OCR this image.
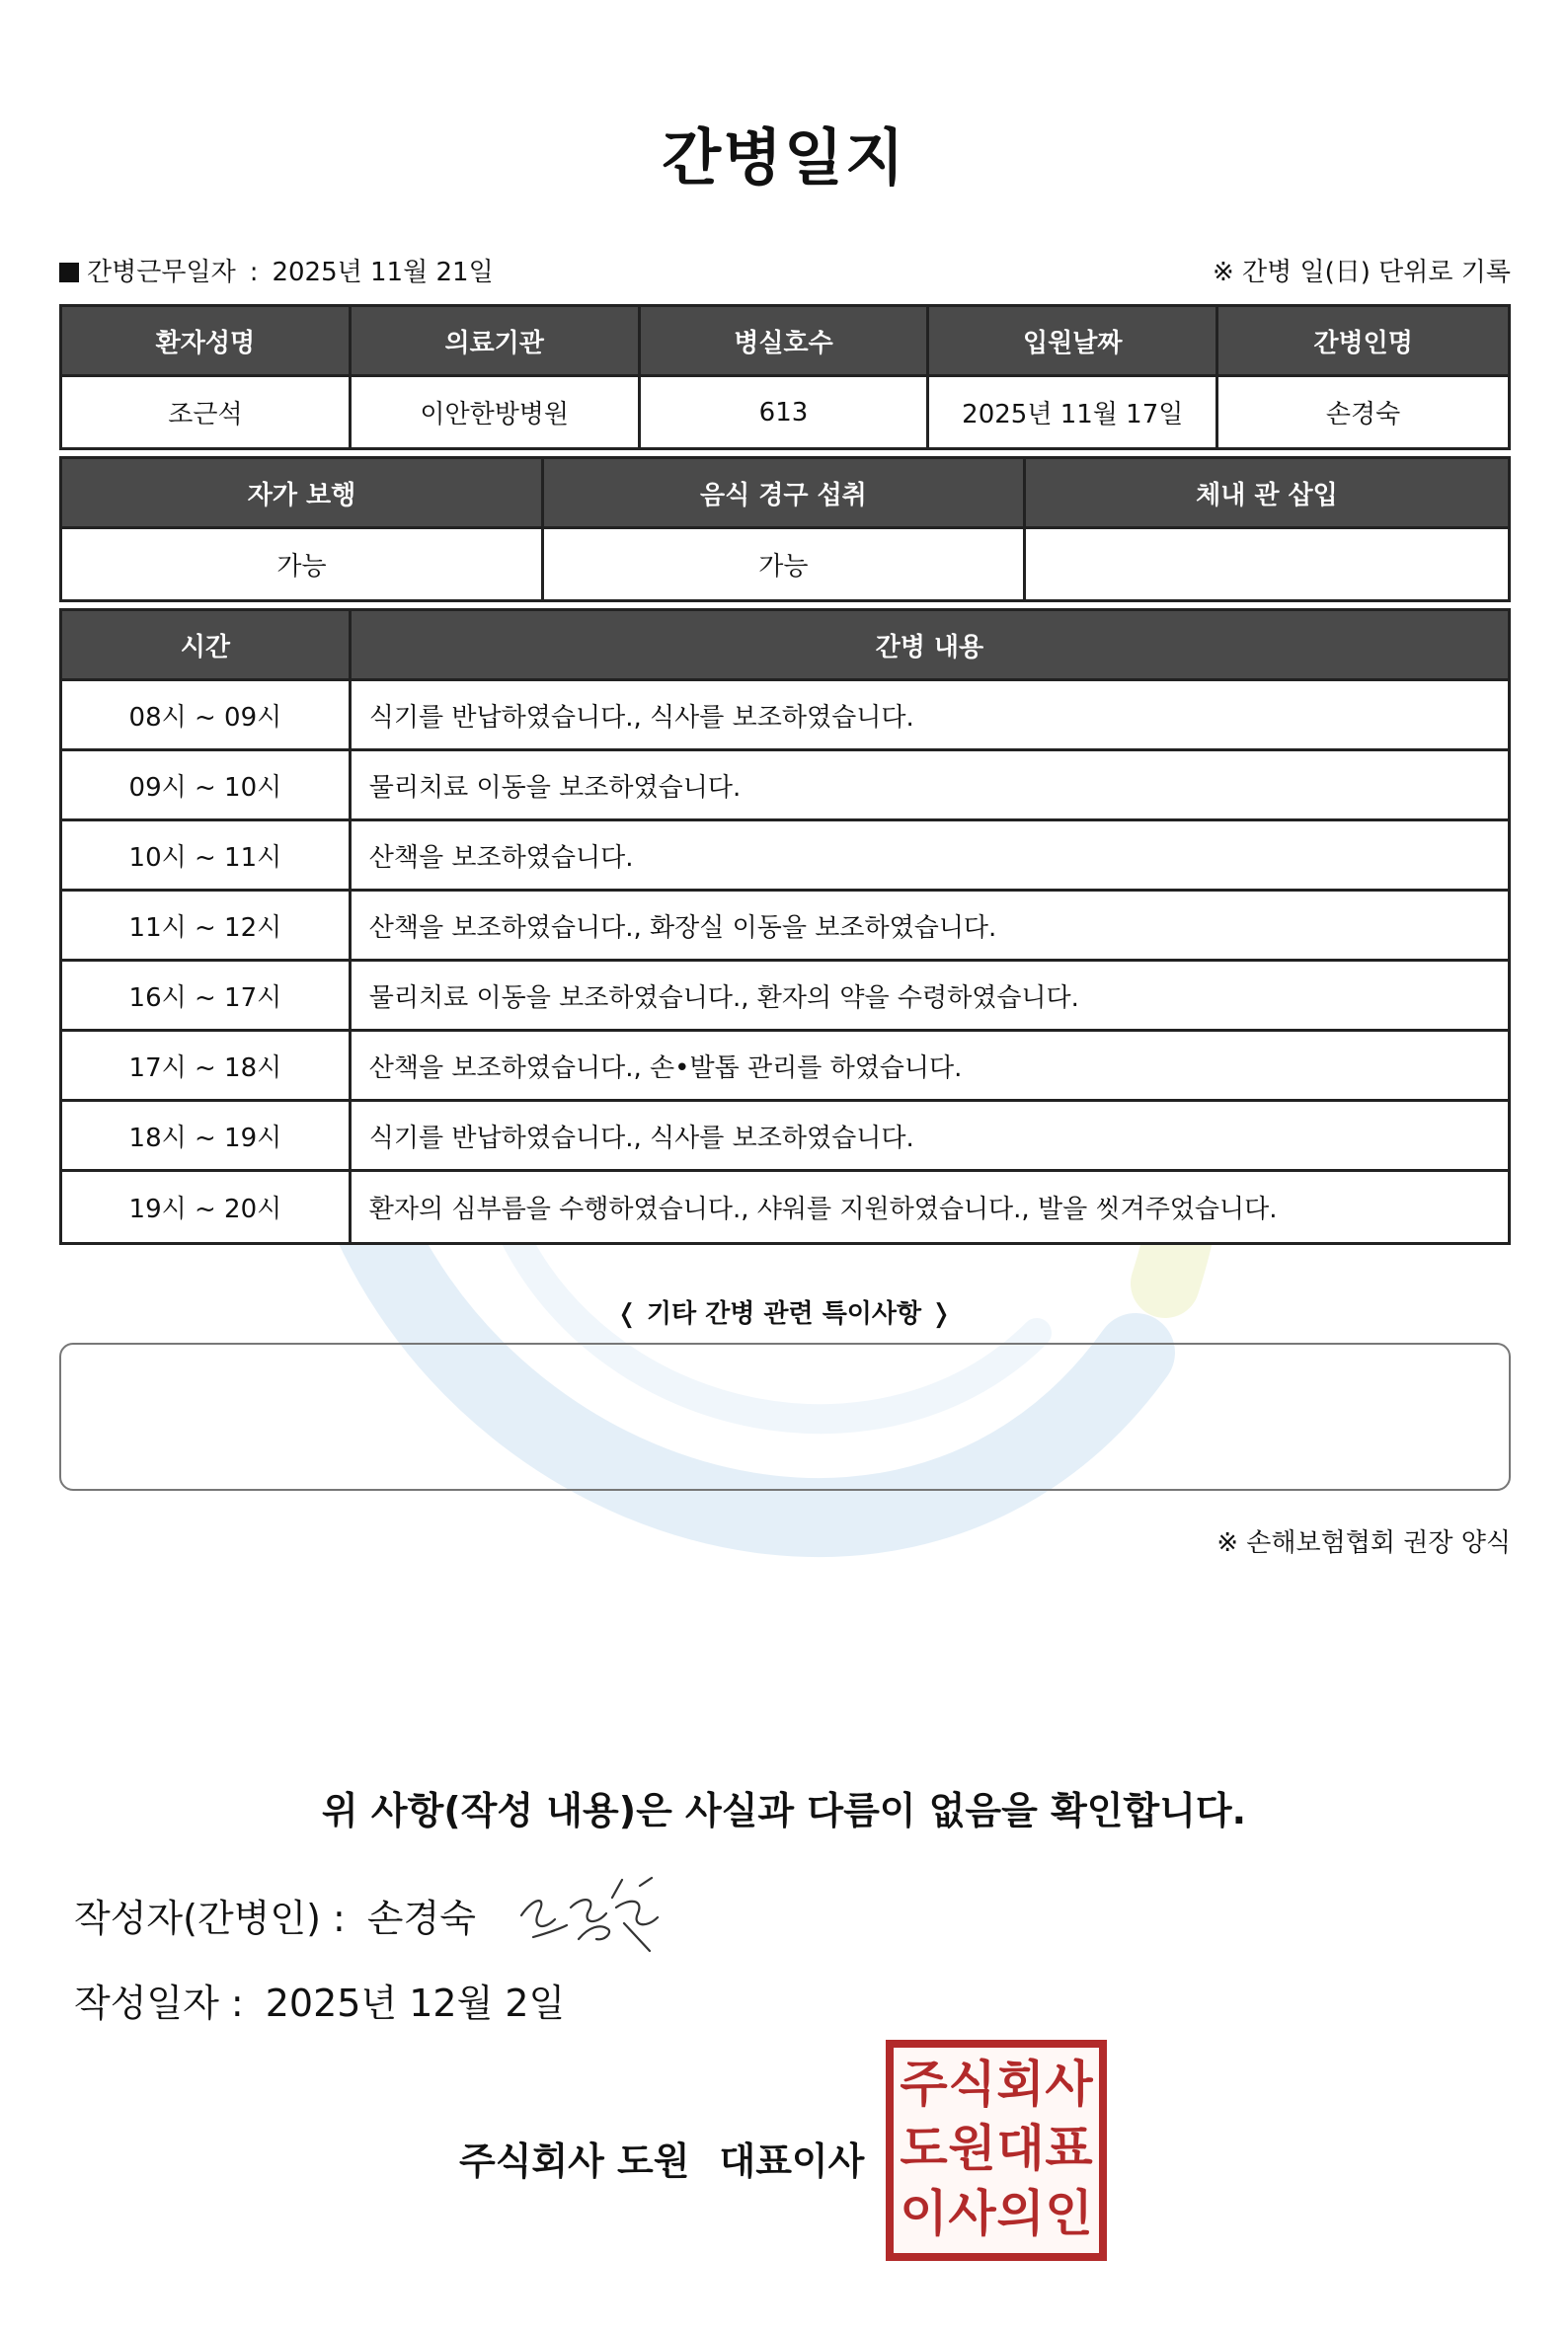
간병일지
간병근무일자 : 2025년 11월 21일	※ 간병 일(日) 단위로 기록
환자성명	의료기관	병실호수	입원날짜	간병인명
조근석	이안한방병원	613	2025년 11월 17일	손경숙
자가 보행	음식 경구 섭취	체내 관 삽입
가능	가능	
시간	간병 내용
08시 ~ 09시	식기를 반납하였습니다., 식사를 보조하였습니다.
09시 ~ 10시	물리치료 이동을 보조하였습니다.
10시 ~ 11시	산책을 보조하였습니다.
11시 ~ 12시	산책을 보조하였습니다., 화장실 이동을 보조하였습니다.
16시 ~ 17시	물리치료 이동을 보조하였습니다., 환자의 약을 수령하였습니다.
17시 ~ 18시	산책을 보조하였습니다., 손•발톱 관리를 하였습니다.
18시 ~ 19시	식기를 반납하였습니다., 식사를 보조하였습니다.
19시 ~ 20시	환자의 심부름을 수행하였습니다., 샤워를 지원하였습니다., 발을 씻겨주었습니다.
❬ 기타 간병 관련 특이사항 ❭
※ 손해보험협회 권장 양식
위 사항(작성 내용)은 사실과 다름이 없음을 확인합니다.
작성자(간병인) : 손경숙
작성일자 : 2025년 12월 2일
주식회사 도원 대표이사
주 식 회 사
도 원 대 표
이 사 의 인
